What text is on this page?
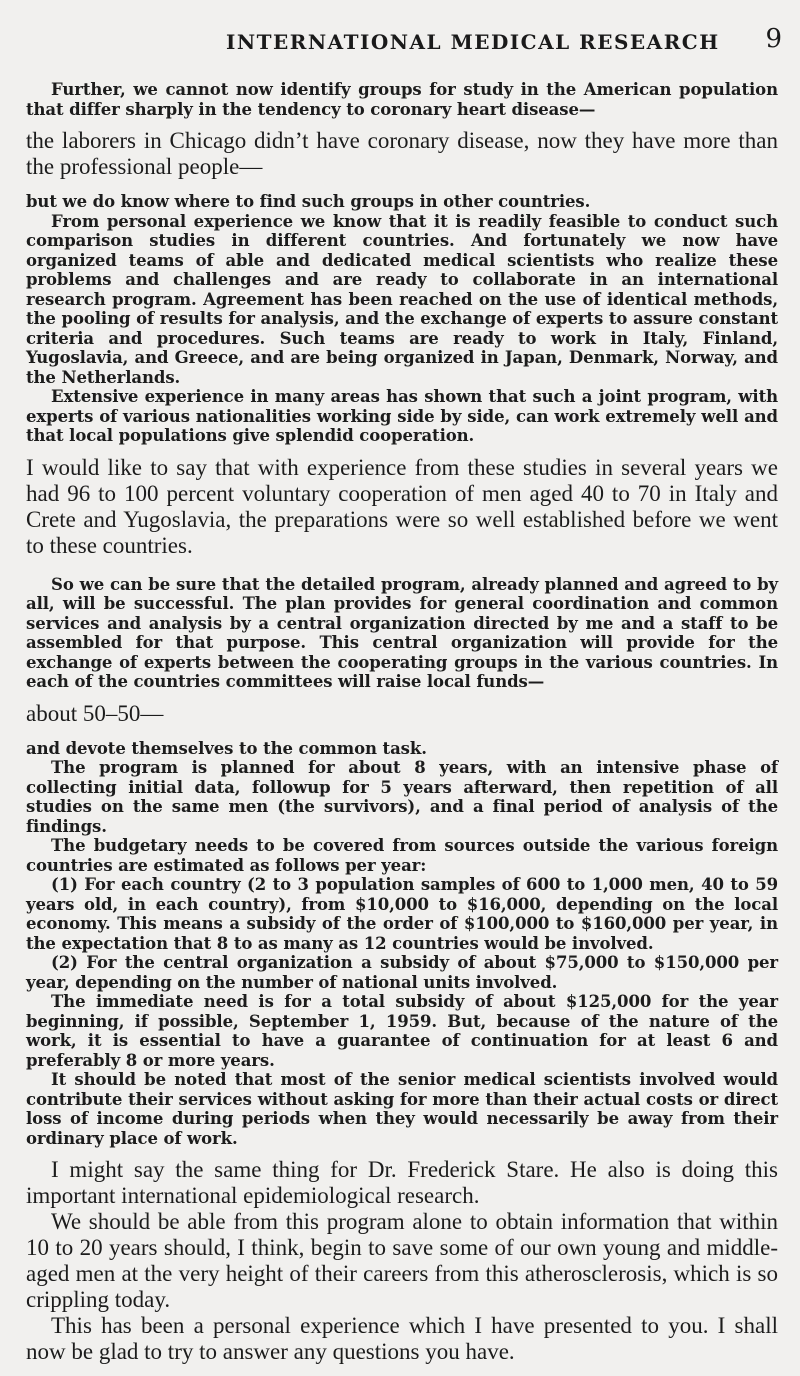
INTERNATIONAL MEDICAL RESEARCH 9

Further, we cannot now identify groups for study in the American population that differ sharply in the tendency to coronary heart disease—

the laborers in Chicago didn’t have coronary disease, now they have more than the professional people—

but we do know where to find such groups in other countries.

From personal experience we know that it is readily feasible to conduct such comparison studies in different countries. And fortunately we now have organized teams of able and dedicated medical scientists who realize these problems and challenges and are ready to collaborate in an international research program. Agreement has been reached on the use of identical methods, the pooling of results for analysis, and the exchange of experts to assure constant criteria and procedures. Such teams are ready to work in Italy, Finland, Yugoslavia, and Greece, and are being organized in Japan, Denmark, Norway, and the Netherlands.

Extensive experience in many areas has shown that such a joint program, with experts of various nationalities working side by side, can work extremely well and that local populations give splendid cooperation.

I would like to say that with experience from these studies in several years we had 96 to 100 percent voluntary cooperation of men aged 40 to 70 in Italy and Crete and Yugoslavia, the preparations were so well established before we went to these countries.

So we can be sure that the detailed program, already planned and agreed to by all, will be successful. The plan provides for general coordination and common services and analysis by a central organization directed by me and a staff to be assembled for that purpose. This central organization will provide for the exchange of experts between the cooperating groups in the various countries. In each of the countries committees will raise local funds—

about 50–50—

and devote themselves to the common task.

The program is planned for about 8 years, with an intensive phase of collecting initial data, followup for 5 years afterward, then repetition of all studies on the same men (the survivors), and a final period of analysis of the findings.

The budgetary needs to be covered from sources outside the various foreign countries are estimated as follows per year:

(1) For each country (2 to 3 population samples of 600 to 1,000 men, 40 to 59 years old, in each country), from $10,000 to $16,000, depending on the local economy. This means a subsidy of the order of $100,000 to $160,000 per year, in the expectation that 8 to as many as 12 countries would be involved.

(2) For the central organization a subsidy of about $75,000 to $150,000 per year, depending on the number of national units involved.

The immediate need is for a total subsidy of about $125,000 for the year beginning, if possible, September 1, 1959. But, because of the nature of the work, it is essential to have a guarantee of continuation for at least 6 and preferably 8 or more years.

It should be noted that most of the senior medical scientists involved would contribute their services without asking for more than their actual costs or direct loss of income during periods when they would necessarily be away from their ordinary place of work.

I might say the same thing for Dr. Frederick Stare. He also is doing this important international epidemiological research.

We should be able from this program alone to obtain information that within 10 to 20 years should, I think, begin to save some of our own young and middle-aged men at the very height of their careers from this atherosclerosis, which is so crippling today.

This has been a personal experience which I have presented to you. I shall now be glad to try to answer any questions you have.
